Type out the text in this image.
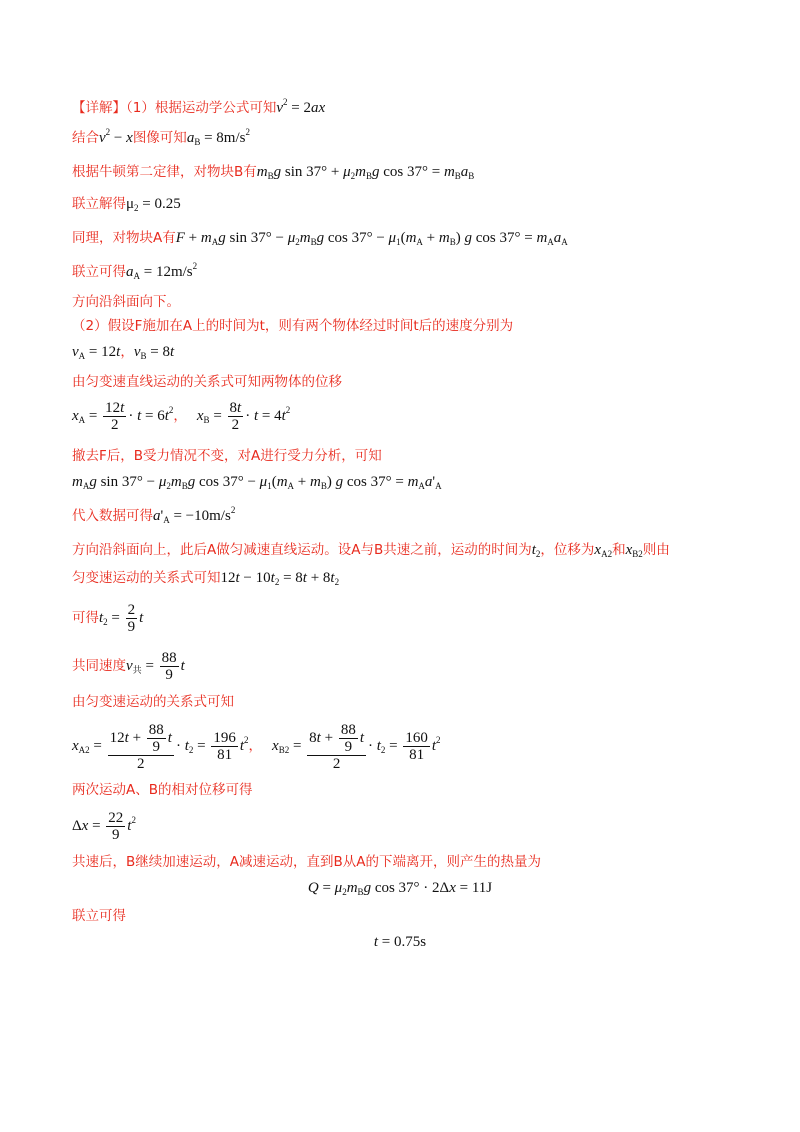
【详解】（1）根据运动学公式可知$v^2 = 2ax$
结合$v^2 - x$图像可知$a_B = 8m/s^2$
根据牛顿第二定律，对物块B有$m_Bg$ $\sin 37^\circ + \mu_2m_Bg$ $\cos 37^\circ = m_Ba_B$
联立解得$\mu_2 = 0.25$
同理，对物块A有$F + m_Ag$ $\sin 37^\circ - \mu_2m_Bg$ $\cos 37^\circ - \mu_1(m_A + m_B)$ g $\cos 37^\circ = m_Aa_A$
联立可得$a_A = 12m/s^2$
方向沿斜面向下。
（2）假设F施加在A上的时间为t，则有两个物体经过时间t后的速度分别为
$v_A = 12t$，$v_B = 8t$
由匀变速直线运动的关系式可知两物体的位移
$x_A = \frac{12t}{2} \cdot t = 6t^2$， $x_B = \frac{8t}{2} \cdot t = 4t^2$
撤去F后，B受力情况不变，对A进行受力分析，可知
$m_Ag$ $\sin 37^\circ - \mu_2m_Bg$ $\cos 37^\circ - \mu_1(m_A + m_B)$ g $\cos 37^\circ = m_Aa'_A$
代入数据可得$a'_A = -10m/s^2$
方向沿斜面向上，此后A做匀减速直线运动。设A与B共速之前，运动的时间为$t_2$，位移为$x_{A2}$和$x_{B2}$则由
匀变速运动的关系式可知$12t - 10t_2 = 8t + 8t_2$
可得$t_2 = \frac{2}{9}$ t
共同速度$v_共 = \frac{88}{9}$ t
由匀变速运动的关系式可知
$x_{A2} = \frac{12t + \frac{88}{9} t}{2} \cdot t_2 = \frac{196}{81} t^2$， $x_{B2} = \frac{8t + \frac{88}{9} t}{2} \cdot t_2 = \frac{160}{81} t^2$
两次运动A、B的相对位移可得
$\Delta x = \frac{22}{9} t^2$
共速后，B继续加速运动，A减速运动，直到B从A的下端离开，则产生的热量为
$Q = \mu_2m_Bg$ cos 37° · 2Δx = 11J
联立可得
t = 0.75s
